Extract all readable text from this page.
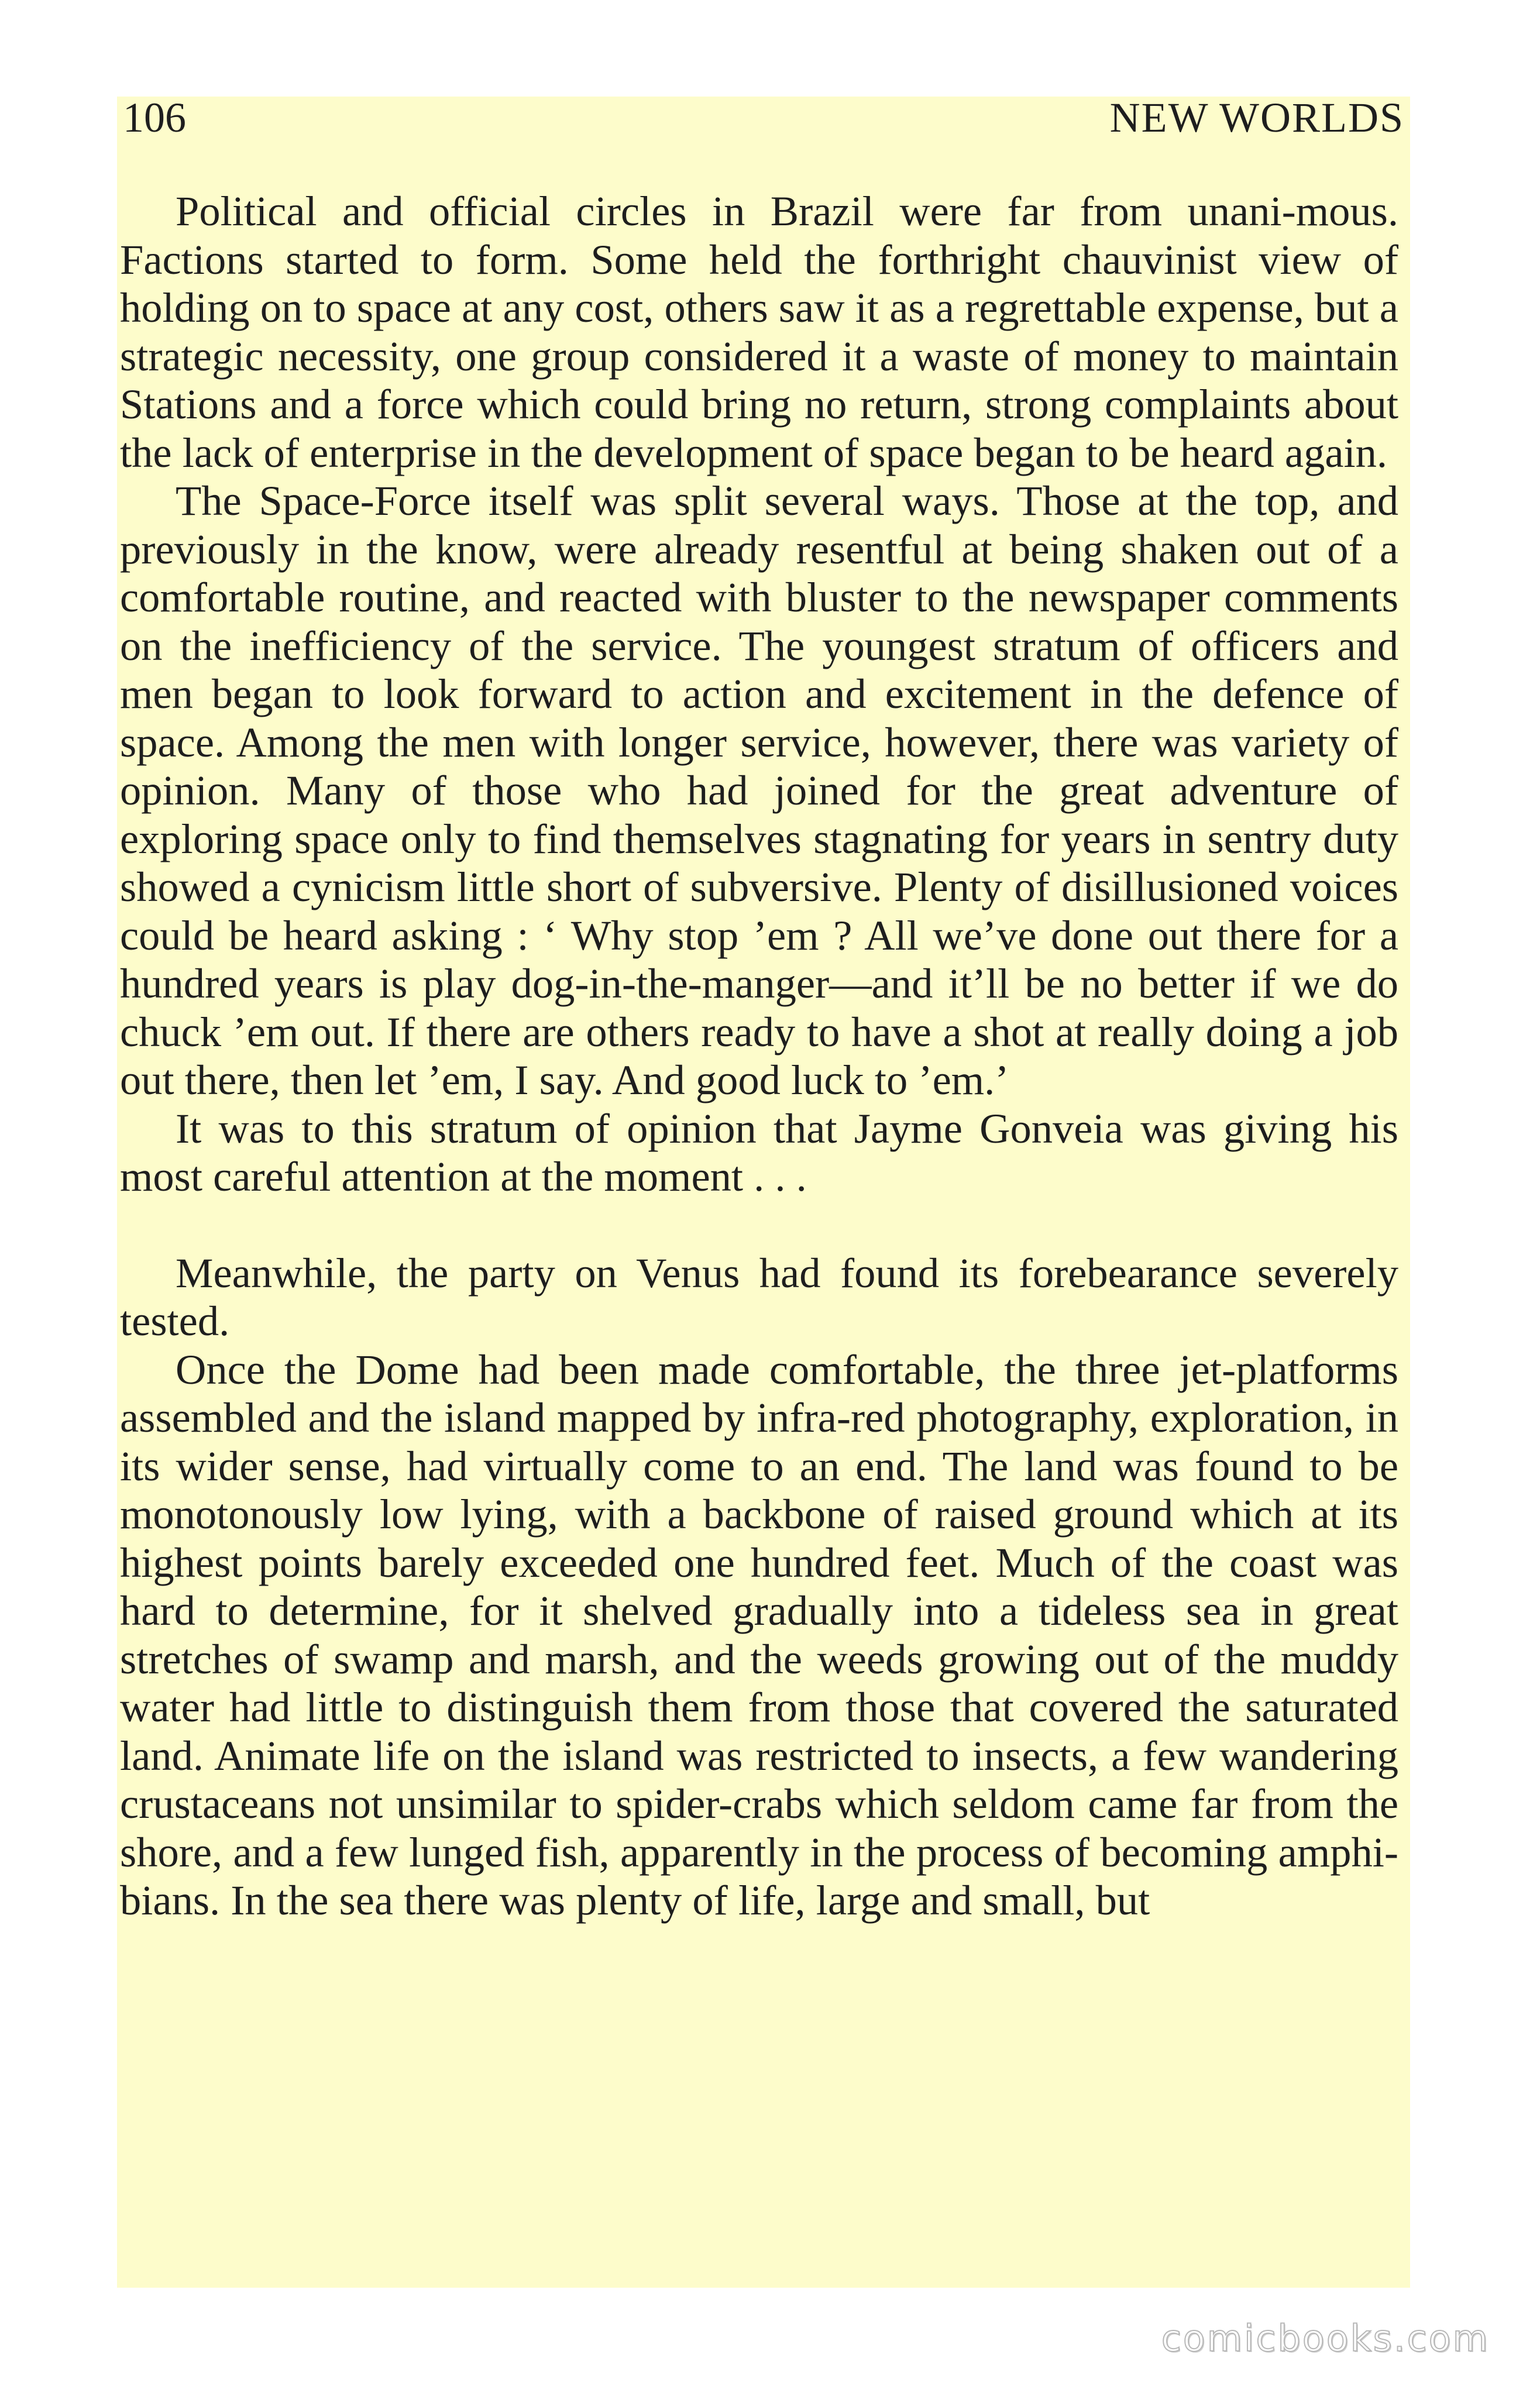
106	NEW WORLDS

Political and official circles in Brazil were far from unani-mous. Factions started to form. Some held the forthright chauvinist view of holding on to space at any cost, others saw it as a regrettable expense, but a strategic necessity, one group considered it a waste of money to maintain Stations and a force which could bring no return, strong complaints about the lack of enterprise in the development of space began to be heard again.

The Space-Force itself was split several ways. Those at the top, and previously in the know, were already resentful at being shaken out of a comfortable routine, and reacted with bluster to the newspaper comments on the inefficiency of the service. The youngest stratum of officers and men began to look forward to action and excitement in the defence of space. Among the men with longer service, however, there was variety of opinion. Many of those who had joined for the great adventure of exploring space only to find themselves stagnating for years in sentry duty showed a cynicism little short of subversive. Plenty of disillusioned voices could be heard asking : ‘ Why stop ’em ? All we’ve done out there for a hundred years is play dog-in-the-manger—and it’ll be no better if we do chuck ’em out. If there are others ready to have a shot at really doing a job out there, then let ’em, I say. And good luck to ’em.’

It was to this stratum of opinion that Jayme Gonveia was giving his most careful attention at the moment . . .

Meanwhile, the party on Venus had found its forebearance severely tested.

Once the Dome had been made comfortable, the three jet-platforms assembled and the island mapped by infra-red photography, exploration, in its wider sense, had virtually come to an end. The land was found to be monotonously low lying, with a backbone of raised ground which at its highest points barely exceeded one hundred feet. Much of the coast was hard to determine, for it shelved gradually into a tideless sea in great stretches of swamp and marsh, and the weeds growing out of the muddy water had little to distinguish them from those that covered the saturated land. Animate life on the island was restricted to insects, a few wandering crustaceans not unsimilar to spider-crabs which seldom came far from the shore, and a few lunged fish, apparently in the process of becoming amphi-bians. In the sea there was plenty of life, large and small, but

comicbooks.com
